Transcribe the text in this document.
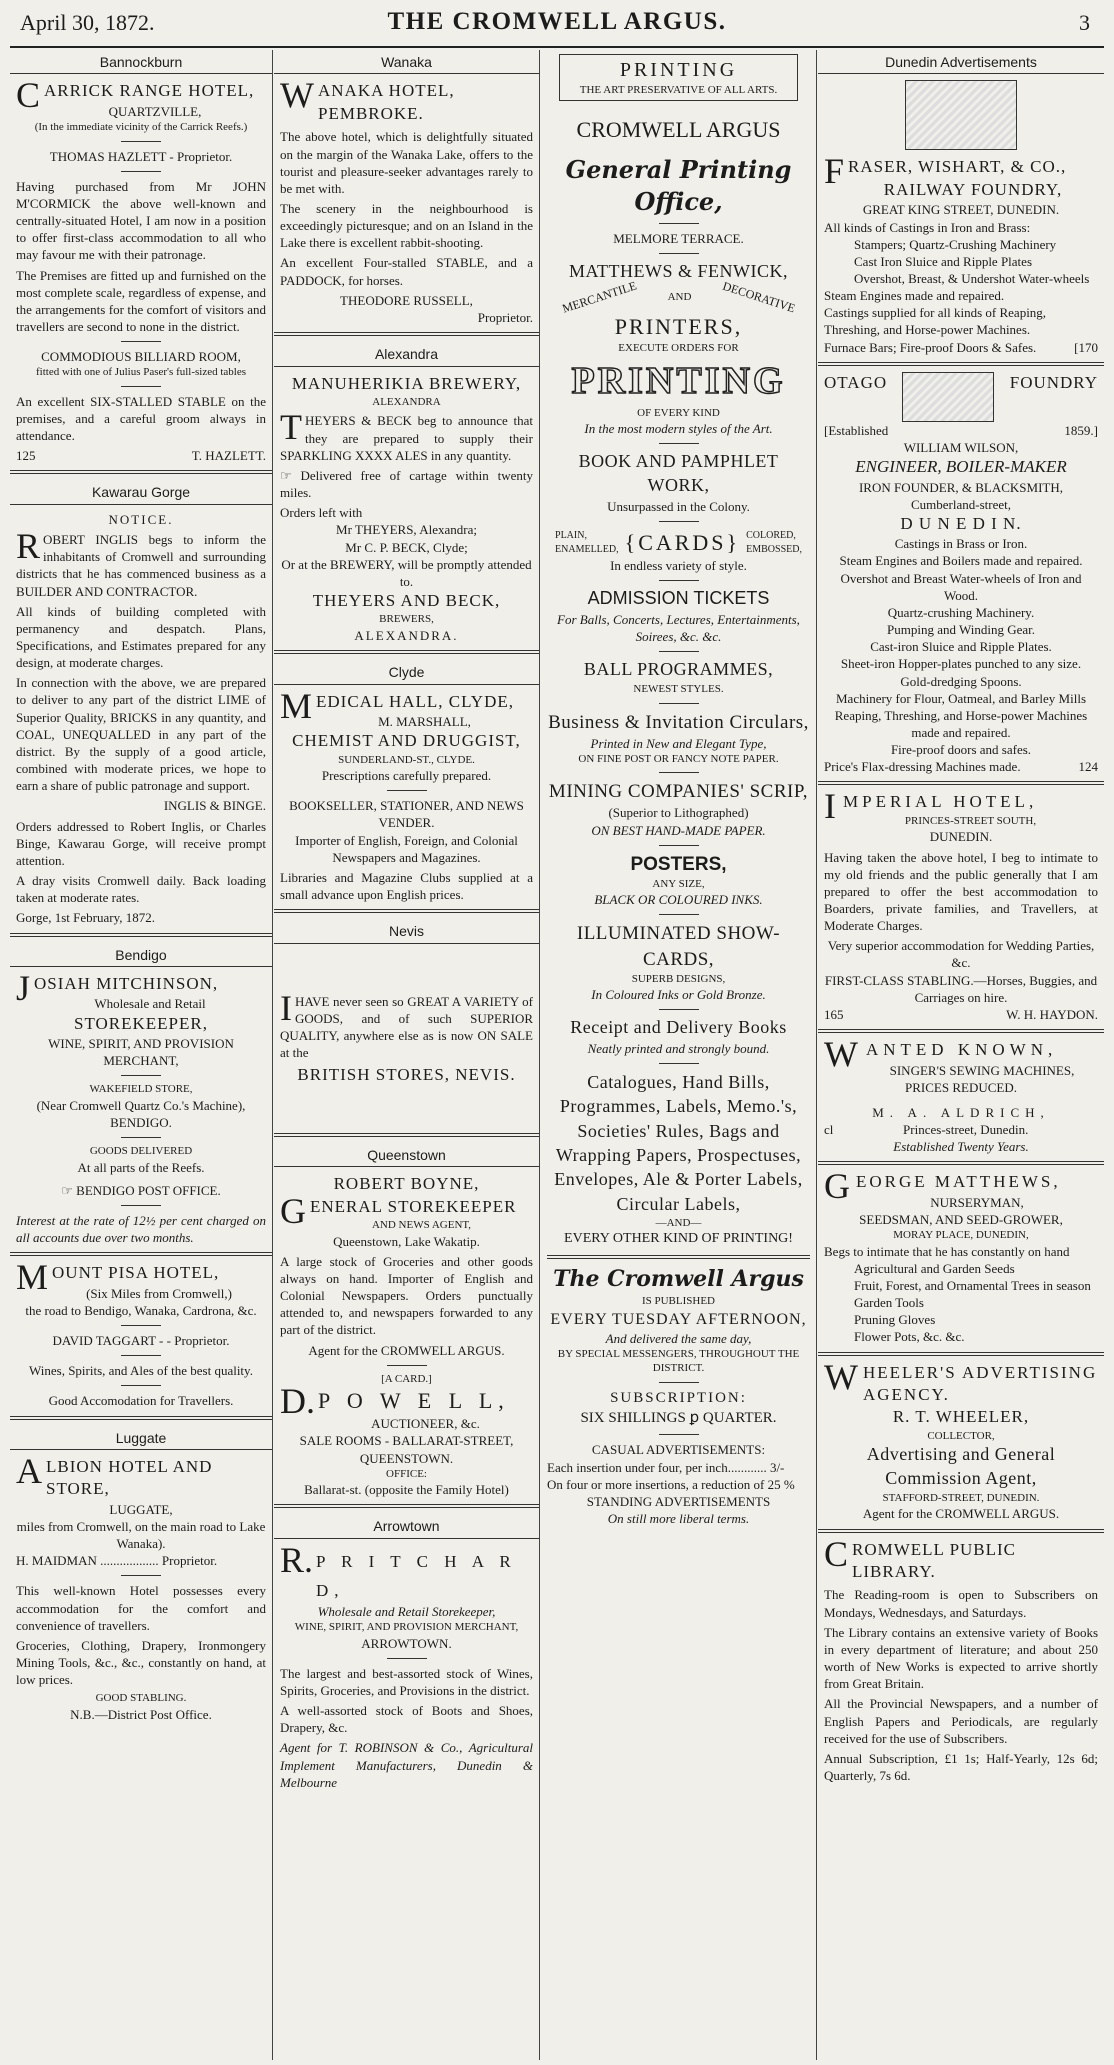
April 30, 1872.	THE CROMWELL ARGUS.	3
Bannockburn
CARRICK RANGE HOTEL,
QUARTZVILLE,
(In the immediate vicinity of the Carrick Reefs.)
THOMAS HAZLETT - Proprietor.

Having purchased from Mr JOHN M'CORMICK the above well-known and centrally-situated Hotel, I am now in a position to offer first-class accommodation to all who may favour me with their patronage.

The Premises are fitted up and furnished on the most complete scale, regardless of expense, and the arrangements for the comfort of visitors and travellers are second to none in the district.

COMMODIOUS BILLIARD ROOM,
fitted with one of Julius Paser's full-sized tables

An excellent SIX-STALLED STABLE on the premises, and a careful groom always in attendance.

125	T. HAZLETT.
Kawarau Gorge
NOTICE.

ROBERT INGLIS begs to inform the inhabitants of Cromwell and surrounding districts that he has commenced business as a BUILDER AND CONTRACTOR.

All kinds of building completed with permanency and despatch. Plans, Specifications, and Estimates prepared for any design, at moderate charges.

In connection with the above, we are prepared to deliver to any part of the district LIME of Superior Quality, BRICKS in any quantity, and COAL, UNEQUALLED in any part of the district. By the supply of a good article, combined with moderate prices, we hope to earn a share of public patronage and support.

INGLIS & BINGE.

Orders addressed to Robert Inglis, or Charles Binge, Kawarau Gorge, will receive prompt attention.

A dray visits Cromwell daily. Back loading taken at moderate rates.

Gorge, 1st February, 1872.
Bendigo
JOSIAH MITCHINSON,
Wholesale and Retail
STOREKEEPER,
WINE, SPIRIT, AND PROVISION MERCHANT,
WAKEFIELD STORE,
(Near Cromwell Quartz Co.'s Machine),
BENDIGO.
GOODS DELIVERED
At all parts of the Reefs.
☞ BENDIGO POST OFFICE.

Interest at the rate of 12½ per cent charged on all accounts due over two months.

MOUNT PISA HOTEL,
(Six Miles from Cromwell,)
the road to Bendigo, Wanaka, Cardrona, &c.
DAVID TAGGART - - Proprietor.
Wines, Spirits, and Ales of the best quality.
Good Accomodation for Travellers.
Luggate
ALBION HOTEL AND STORE,
LUGGATE,
miles from Cromwell, on the main road to Lake Wanaka).
H. MAIDMAN .................. Proprietor.

This well-known Hotel possesses every accommodation for the comfort and convenience of travellers.

Groceries, Clothing, Drapery, Ironmongery Mining Tools, &c., &c., constantly on hand, at low prices.

GOOD STABLING.
N.B.—District Post Office.
Wanaka
WANAKA HOTEL, PEMBROKE.

The above hotel, which is delightfully situated on the margin of the Wanaka Lake, offers to the tourist and pleasure-seeker advantages rarely to be met with.

The scenery in the neighbourhood is exceedingly picturesque; and on an Island in the Lake there is excellent rabbit-shooting.

An excellent Four-stalled STABLE, and a PADDOCK, for horses.

THEODORE RUSSELL,
Proprietor.
Alexandra
MANUHERIKIA BREWERY,
ALEXANDRA

THEYERS & BECK beg to announce that they are prepared to supply their SPARKLING XXXX ALES in any quantity.

☞ Delivered free of cartage within twenty miles.

Orders left with
Mr THEYERS, Alexandra;
Mr C. P. BECK, Clyde;
Or at the BREWERY, will be promptly attended to.
THEYERS AND BECK,
BREWERS,
ALEXANDRA.
Clyde
MEDICAL HALL, CLYDE,
M. MARSHALL,
CHEMIST AND DRUGGIST,
SUNDERLAND-ST., CLYDE.
Prescriptions carefully prepared.
BOOKSELLER, STATIONER, AND NEWS VENDER.
Importer of English, Foreign, and Colonial Newspapers and Magazines.

Libraries and Magazine Clubs supplied at a small advance upon English prices.

Nevis

IHAVE never seen so GREAT A VARIETY of GOODS, and of such SUPERIOR QUALITY, anywhere else as is now ON SALE at the

BRITISH STORES, NEVIS.
Queenstown
ROBERT BOYNE,
GENERAL STOREKEEPER
AND NEWS AGENT,
Queenstown, Lake Wakatip.

A large stock of Groceries and other goods always on hand. Importer of English and Colonial Newspapers. Orders punctually attended to, and newspapers forwarded to any part of the district.

Agent for the CROMWELL ARGUS.
[A CARD.]
D. P O W E L L,
AUCTIONEER, &c.
SALE ROOMS - BALLARAT-STREET,
QUEENSTOWN.
OFFICE:
Ballarat-st. (opposite the Family Hotel)
Arrowtown
R. P R I T C H A R D,
Wholesale and Retail Storekeeper,
WINE, SPIRIT, AND PROVISION MERCHANT,
ARROWTOWN.

The largest and best-assorted stock of Wines, Spirits, Groceries, and Provisions in the district.

A well-assorted stock of Boots and Shoes, Drapery, &c.

Agent for T. ROBINSON & Co., Agricultural Implement Manufacturers, Dunedin & Melbourne

PRINTING
THE ART PRESERVATIVE OF ALL ARTS.
CROMWELL ARGUS
General Printing Office,
MELMORE TERRACE.
MATTHEWS & FENWICK,
MERCANTILE	AND DECORATIVE
PRINTERS,
EXECUTE ORDERS FOR
PRINTING
OF EVERY KIND
In the most modern styles of the Art.
BOOK AND PAMPHLET WORK,
Unsurpassed in the Colony.
PLAIN,
ENAMELLED, {CARDS} COLORED,
EMBOSSED,
In endless variety of style.
ADMISSION TICKETS
For Balls, Concerts, Lectures, Entertainments, Soirees, &c. &c.
BALL PROGRAMMES,
NEWEST STYLES.
Business & Invitation Circulars,
Printed in New and Elegant Type,
ON FINE POST OR FANCY NOTE PAPER.
MINING COMPANIES' SCRIP,
(Superior to Lithographed)
ON BEST HAND-MADE PAPER.
POSTERS,
ANY SIZE,
BLACK OR COLOURED INKS.
ILLUMINATED SHOW-CARDS,
SUPERB DESIGNS,
In Coloured Inks or Gold Bronze.
Receipt and Delivery Books
Neatly printed and strongly bound.
Catalogues, Hand Bills, Programmes, Labels, Memo.'s, Societies' Rules, Bags and Wrapping Papers, Prospectuses, Envelopes, Ale & Porter Labels, Circular Labels,
—AND—
EVERY OTHER KIND OF PRINTING!
The Cromwell Argus
IS PUBLISHED
EVERY TUESDAY AFTERNOON,
And delivered the same day,
BY SPECIAL MESSENGERS, THROUGHOUT THE DISTRICT.
SUBSCRIPTION:
SIX SHILLINGS ꝑ QUARTER.
CASUAL ADVERTISEMENTS:
Each insertion under four, per inch............ 3/-
On four or more insertions, a reduction of 25 %
STANDING ADVERTISEMENTS
On still more liberal terms.
Dunedin Advertisements
FRASER, WISHART, & CO.,
RAILWAY FOUNDRY,
GREAT KING STREET, DUNEDIN.
All kinds of Castings in Iron and Brass:
Stampers; Quartz-Crushing Machinery
Cast Iron Sluice and Ripple Plates
Overshot, Breast, & Undershot Water-wheels
Steam Engines made and repaired.
Castings supplied for all kinds of Reaping, Threshing, and Horse-power Machines.
Furnace Bars; Fire-proof Doors & Safes.	[170
OTAGO	FOUNDRY
[Established	1859.]
WILLIAM WILSON,
ENGINEER, BOILER-MAKER
IRON FOUNDER, & BLACKSMITH,
Cumberland-street,
D U N E D I N.
Castings in Brass or Iron.
Steam Engines and Boilers made and repaired.
Overshot and Breast Water-wheels of Iron and Wood.
Quartz-crushing Machinery.
Pumping and Winding Gear.
Cast-iron Sluice and Ripple Plates.
Sheet-iron Hopper-plates punched to any size.
Gold-dredging Spoons.
Machinery for Flour, Oatmeal, and Barley Mills Reaping, Threshing, and Horse-power Machines made and repaired.
Fire-proof doors and safes.
Price's Flax-dressing Machines made.	124
IMPERIAL HOTEL,
PRINCES-STREET SOUTH,
DUNEDIN.

Having taken the above hotel, I beg to intimate to my old friends and the public generally that I am prepared to offer the best accommodation to Boarders, private families, and Travellers, at Moderate Charges.

Very superior accommodation for Wedding Parties, &c.
FIRST-CLASS STABLING.—Horses, Buggies, and Carriages on hire.
165	W. H. HAYDON.
WANTED KNOWN,
SINGER'S SEWING MACHINES,
PRICES REDUCED.
M. A. ALDRICH,
cl	Princes-street, Dunedin.
Established Twenty Years.
GEORGE MATTHEWS,
NURSERYMAN,
SEEDSMAN, AND SEED-GROWER,
MORAY PLACE, DUNEDIN,
Begs to intimate that he has constantly on hand
Agricultural and Garden Seeds
Fruit, Forest, and Ornamental Trees in season
Garden Tools
Pruning Gloves
Flower Pots, &c. &c.
WHEELER'S ADVERTISING AGENCY.
R. T. WHEELER,
COLLECTOR,
Advertising and General Commission Agent,
STAFFORD-STREET, DUNEDIN.
Agent for the CROMWELL ARGUS.
CROMWELL PUBLIC LIBRARY.

The Reading-room is open to Subscribers on Mondays, Wednesdays, and Saturdays.

The Library contains an extensive variety of Books in every department of literature; and about 250 worth of New Works is expected to arrive shortly from Great Britain.

All the Provincial Newspapers, and a number of English Papers and Periodicals, are regularly received for the use of Subscribers.

Annual Subscription, £1 1s; Half-Yearly, 12s 6d; Quarterly, 7s 6d.
